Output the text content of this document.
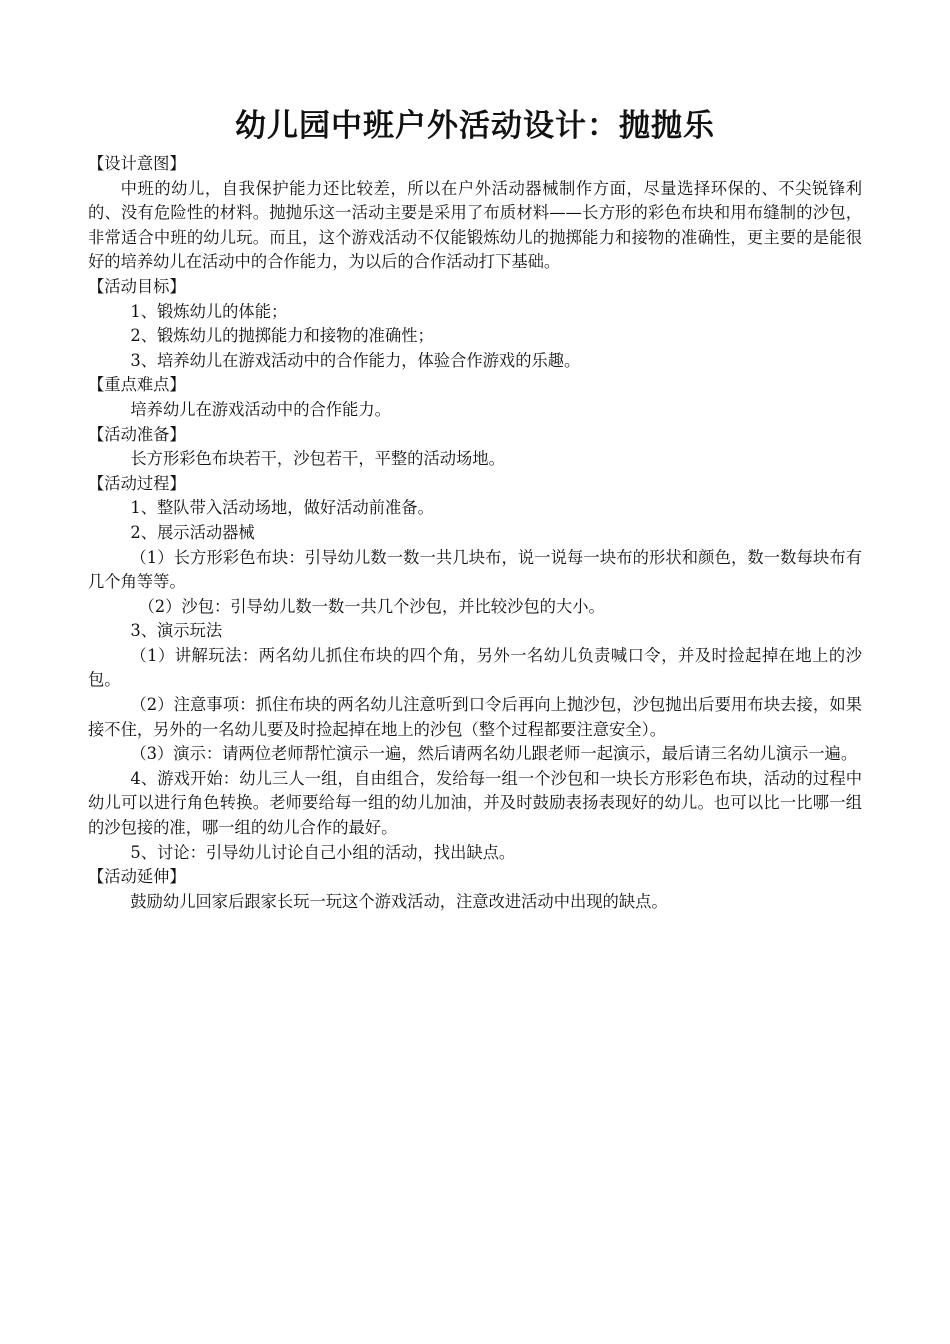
幼儿园中班户外活动设计：抛抛乐

【设计意图】

中班的幼儿，自我保护能力还比较差，所以在户外活动器械制作方面，尽量选择环保的、不尖锐锋利的、没有危险性的材料。抛抛乐这一活动主要是采用了布质材料——长方形的彩色布块和用布缝制的沙包，非常适合中班的幼儿玩。而且，这个游戏活动不仅能锻炼幼儿的抛掷能力和接物的准确性，更主要的是能很好的培养幼儿在活动中的合作能力，为以后的合作活动打下基础。

【活动目标】

1、锻炼幼儿的体能；

2、锻炼幼儿的抛掷能力和接物的准确性；

3、培养幼儿在游戏活动中的合作能力，体验合作游戏的乐趣。

【重点难点】

培养幼儿在游戏活动中的合作能力。

【活动准备】

长方形彩色布块若干，沙包若干，平整的活动场地。

【活动过程】

1、整队带入活动场地，做好活动前准备。

2、展示活动器械

（1）长方形彩色布块：引导幼儿数一数一共几块布，说一说每一块布的形状和颜色，数一数每块布有几个角等等。

（2）沙包：引导幼儿数一数一共几个沙包，并比较沙包的大小。

3、演示玩法

（1）讲解玩法：两名幼儿抓住布块的四个角，另外一名幼儿负责喊口令，并及时捡起掉在地上的沙包。

（2）注意事项：抓住布块的两名幼儿注意听到口令后再向上抛沙包，沙包抛出后要用布块去接，如果接不住，另外的一名幼儿要及时捡起掉在地上的沙包（整个过程都要注意安全）。

（3）演示：请两位老师帮忙演示一遍，然后请两名幼儿跟老师一起演示，最后请三名幼儿演示一遍。

4、游戏开始：幼儿三人一组，自由组合，发给每一组一个沙包和一块长方形彩色布块，活动的过程中幼儿可以进行角色转换。老师要给每一组的幼儿加油，并及时鼓励表扬表现好的幼儿。也可以比一比哪一组的沙包接的准，哪一组的幼儿合作的最好。

5、讨论：引导幼儿讨论自己小组的活动，找出缺点。

【活动延伸】

鼓励幼儿回家后跟家长玩一玩这个游戏活动，注意改进活动中出现的缺点。
